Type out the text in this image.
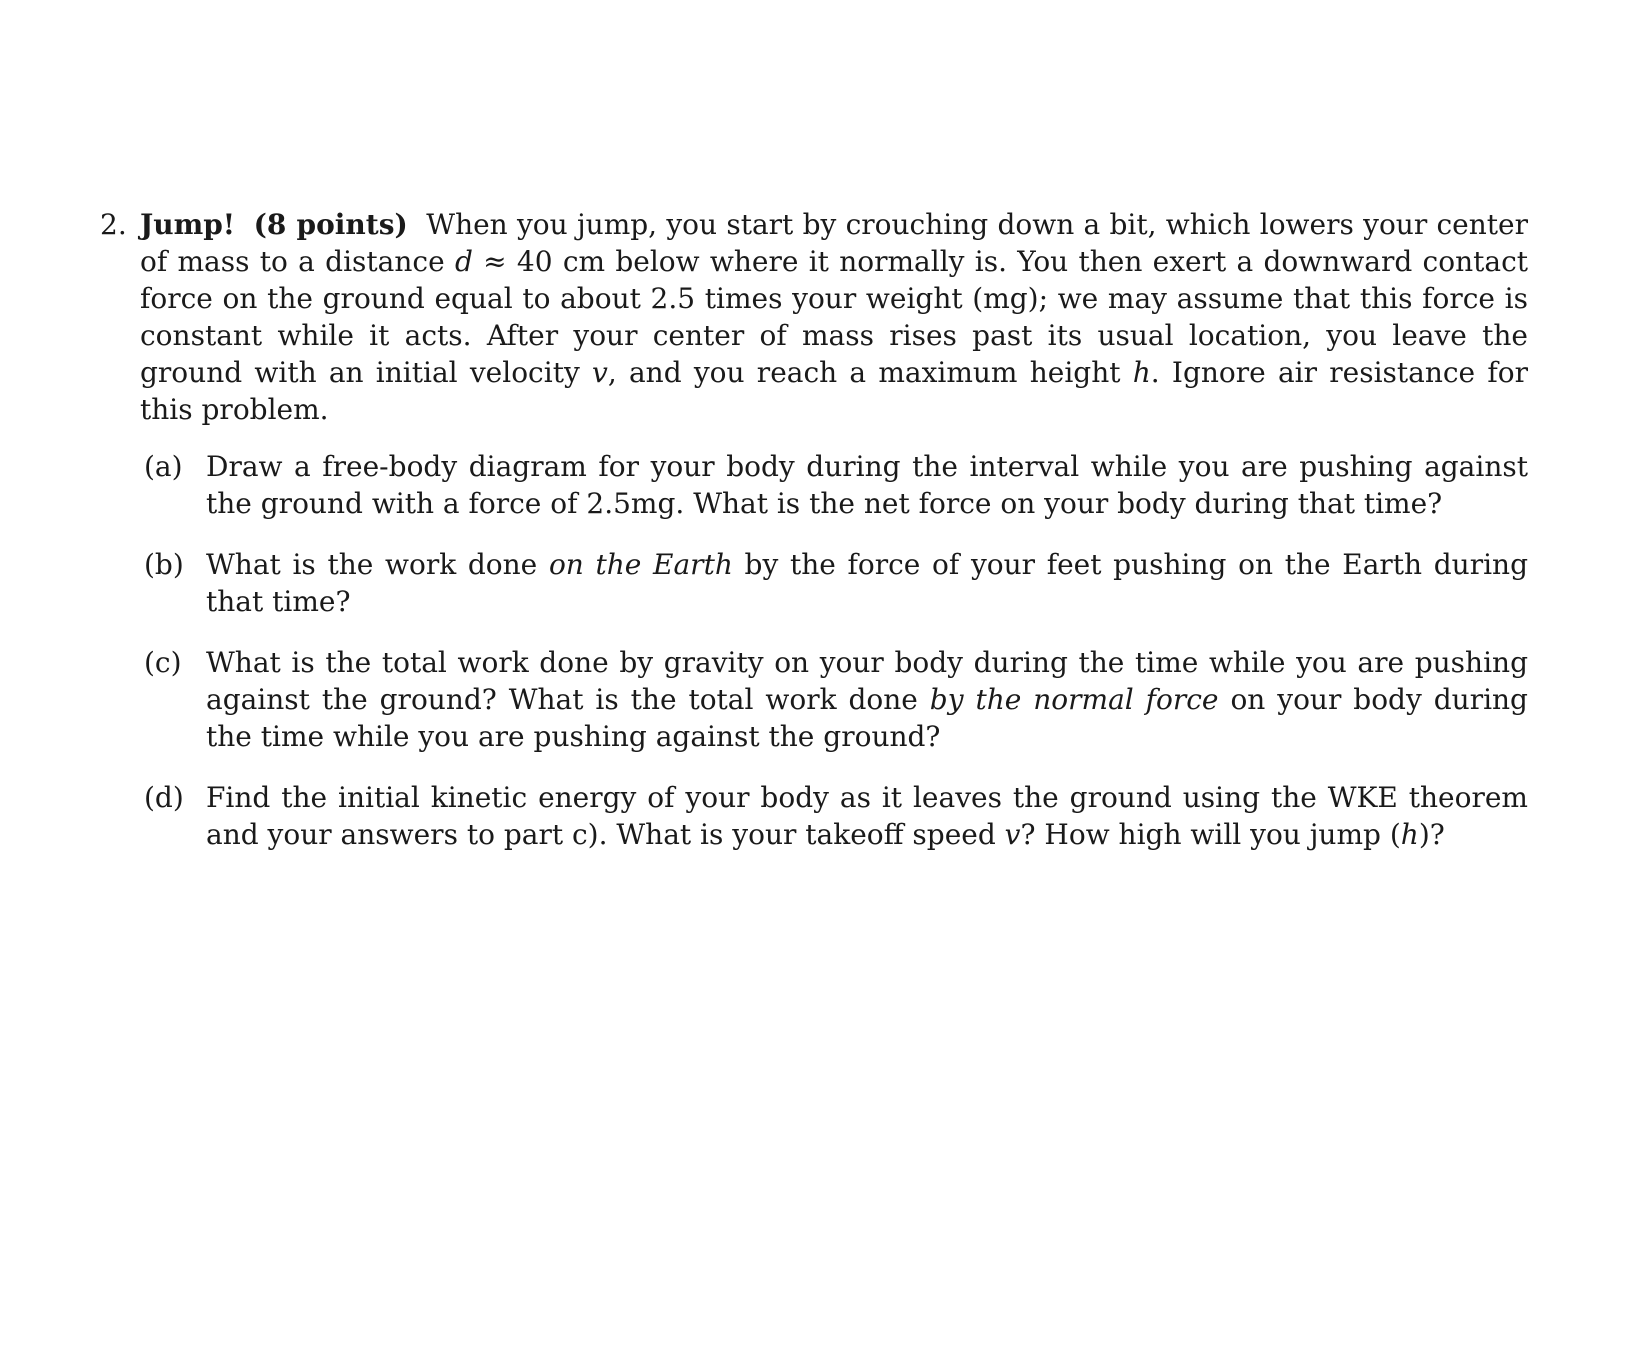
2. Jump! (8 points) When you jump, you start by crouching down a bit, which lowers your center of mass to a distance d ≈ 40 cm below where it normally is. You then exert a downward contact force on the ground equal to about 2.5 times your weight (mg); we may assume that this force is constant while it acts. After your center of mass rises past its usual location, you leave the ground with an initial velocity v, and you reach a maximum height h. Ignore air resistance for this problem.
(a) Draw a free-body diagram for your body during the interval while you are pushing against the ground with a force of 2.5mg. What is the net force on your body during that time?
(b) What is the work done on the Earth by the force of your feet pushing on the Earth during that time?
(c) What is the total work done by gravity on your body during the time while you are pushing against the ground? What is the total work done by the normal force on your body during the time while you are pushing against the ground?
(d) Find the initial kinetic energy of your body as it leaves the ground using the WKE theorem and your answers to part c). What is your takeoff speed v? How high will you jump (h)?
